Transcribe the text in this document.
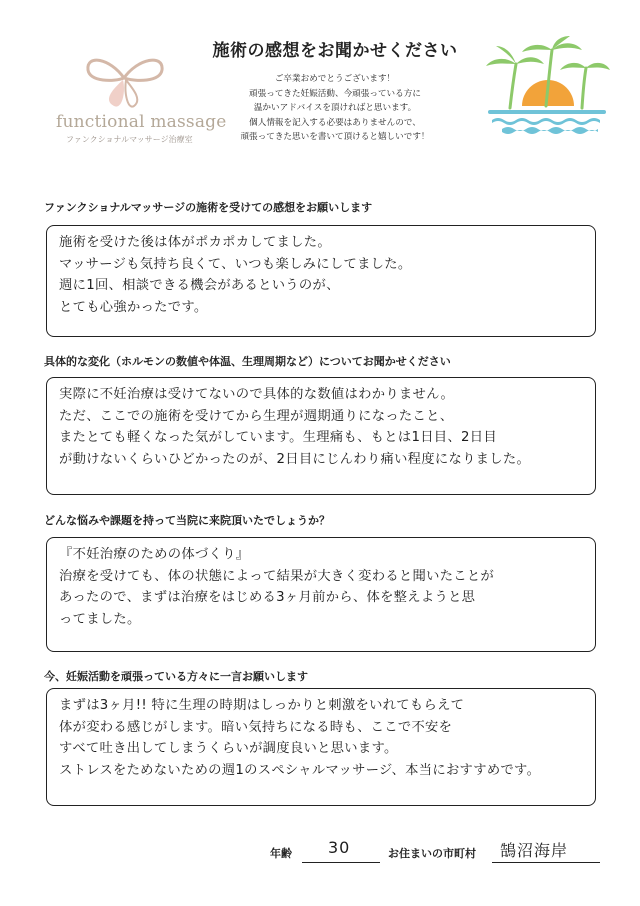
functional massage
ファンクショナルマッサージ治療室
施術の感想をお聞かせください
ご卒業おめでとうございます！
頑張ってきた妊娠活動、今頑張っている方に
温かいアドバイスを頂ければと思います。
個人情報を記入する必要はありませんので、
頑張ってきた思いを書いて頂けると嬉しいです！
ファンクショナルマッサージの施術を受けての感想をお願いします
施術を受けた後は体がポカポカしてました。
マッサージも気持ち良くて、いつも楽しみにしてました。
週に1回、相談できる機会があるというのが、
とても心強かったです。
具体的な変化（ホルモンの数値や体温、生理周期など）についてお聞かせください
実際に不妊治療は受けてないので具体的な数値はわかりません。
ただ、ここでの施術を受けてから生理が週期通りになったこと、
またとても軽くなった気がしています。生理痛も、もとは1日目、2日目
が動けないくらいひどかったのが、2日目にじんわり痛い程度になりました。
どんな悩みや課題を持って当院に来院頂いたでしょうか？
『不妊治療のための体づくり』
治療を受けても、体の状態によって結果が大きく変わると聞いたことが
あったので、まずは治療をはじめる3ヶ月前から、体を整えようと思
ってました。
今、妊娠活動を頑張っている方々に一言お願いします
まずは3ヶ月!! 特に生理の時期はしっかりと刺激をいれてもらえて
体が変わる感じがします。暗い気持ちになる時も、ここで不安を
すべて吐き出してしまうくらいが調度良いと思います。
ストレスをためないための週1のスペシャルマッサージ、本当におすすめです。
年齢 30	お住まいの市町村 鵠沼海岸
